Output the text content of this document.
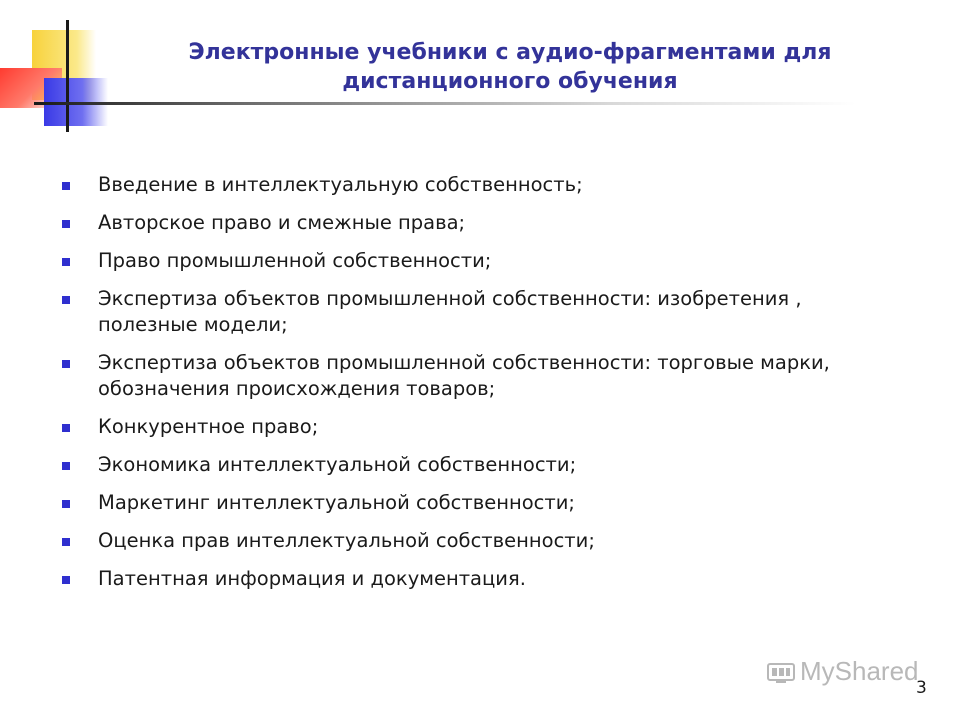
Электронные учебники с аудио-фрагментами для дистанционного обучения
Введение в интеллектуальную собственность;
Авторское право и смежные права;
Право промышленной собственности;
Экспертиза объектов промышленной собственности: изобретения , полезные модели;
Экспертиза объектов промышленной собственности: торговые марки, обозначения происхождения товаров;
Конкурентное право;
Экономика интеллектуальной собственности;
Маркетинг интеллектуальной собственности;
Оценка прав интеллектуальной собственности;
Патентная информация и документация.
MyShared
3
